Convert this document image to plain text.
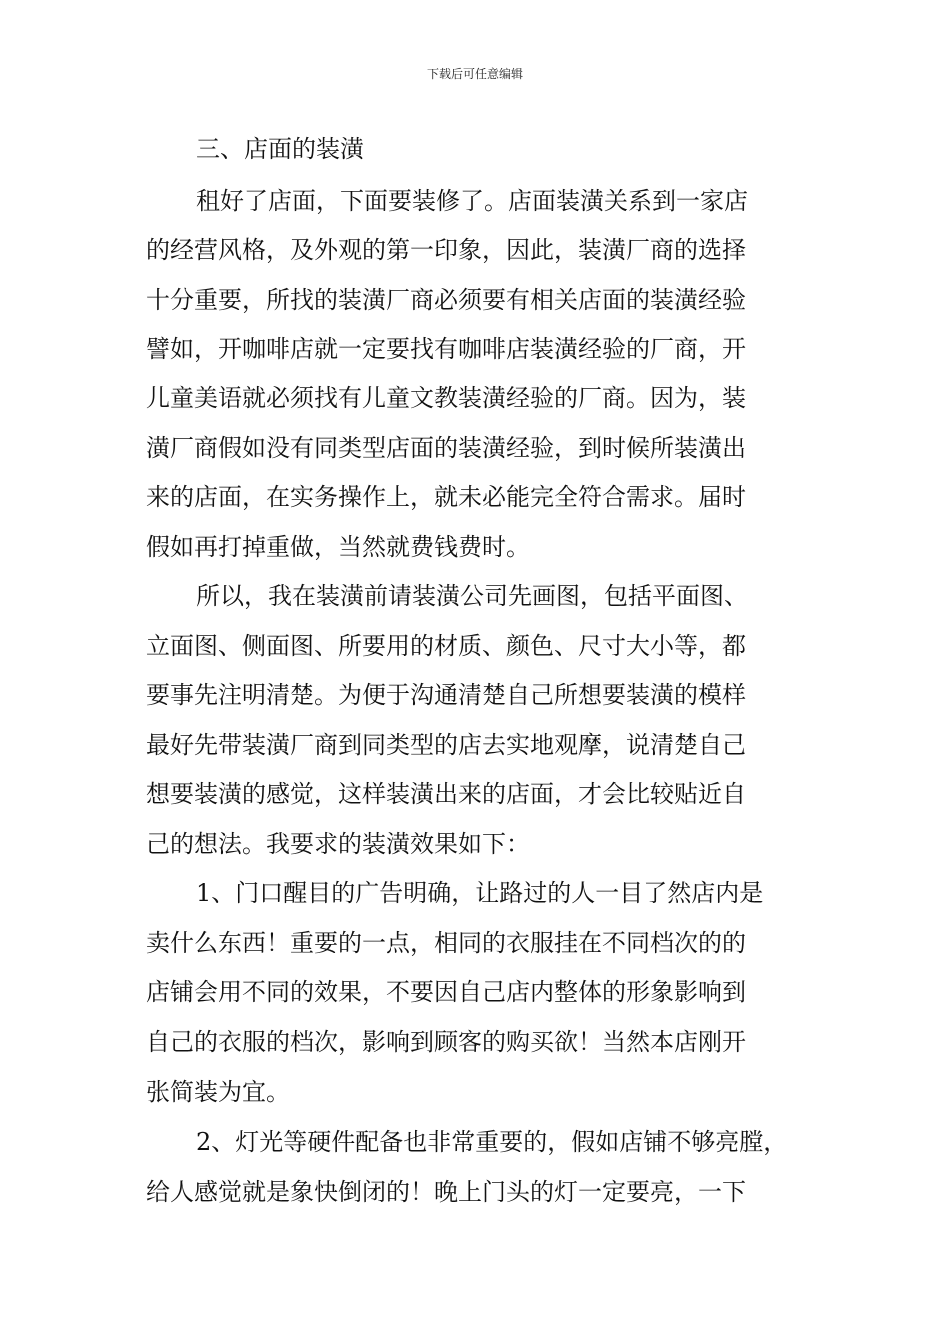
下载后可任意编辑
三、店面的装潢
租好了店面，下面要装修了。店面装潢关系到一家店
的经营风格，及外观的第一印象，因此，装潢厂商的选择
十分重要，所找的装潢厂商必须要有相关店面的装潢经验
譬如，开咖啡店就一定要找有咖啡店装潢经验的厂商，开
儿童美语就必须找有儿童文教装潢经验的厂商。因为，装
潢厂商假如没有同类型店面的装潢经验，到时候所装潢出
来的店面，在实务操作上，就未必能完全符合需求。届时
假如再打掉重做，当然就费钱费时。
所以，我在装潢前请装潢公司先画图，包括平面图、
立面图、侧面图、所要用的材质、颜色、尺寸大小等，都
要事先注明清楚。为便于沟通清楚自己所想要装潢的模样
最好先带装潢厂商到同类型的店去实地观摩，说清楚自己
想要装潢的感觉，这样装潢出来的店面，才会比较贴近自
己的想法。我要求的装潢效果如下：
1、门口醒目的广告明确，让路过的人一目了然店内是
卖什么东西！重要的一点，相同的衣服挂在不同档次的的
店铺会用不同的效果，不要因自己店内整体的形象影响到
自己的衣服的档次，影响到顾客的购买欲！当然本店刚开
张简装为宜。
2、灯光等硬件配备也非常重要的，假如店铺不够亮膛，
给人感觉就是象快倒闭的！晚上门头的灯一定要亮，一下
